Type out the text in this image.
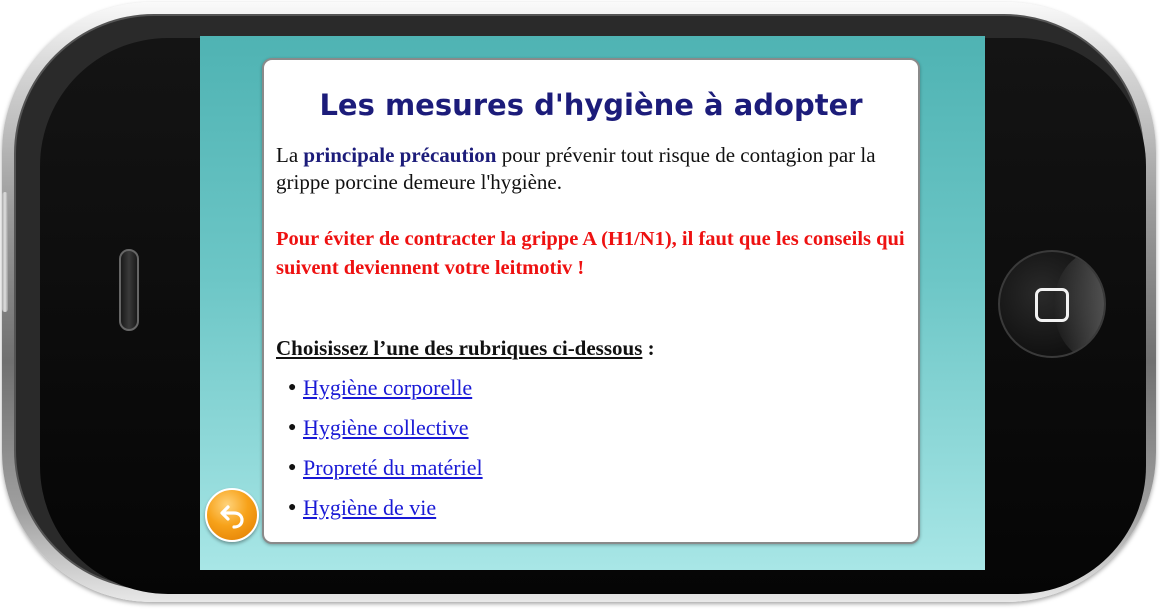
Les mesures d'hygiène à adopter

La principale précaution pour prévenir tout risque de contagion par la grippe porcine demeure l'hygiène.

Pour éviter de contracter la grippe A (H1/N1), il faut que les conseils qui suivent deviennent votre leitmotiv !

Choisissez l’une des rubriques ci-dessous :

● Hygiène corporelle
● Hygiène collective
● Propreté du matériel
● Hygiène de vie
